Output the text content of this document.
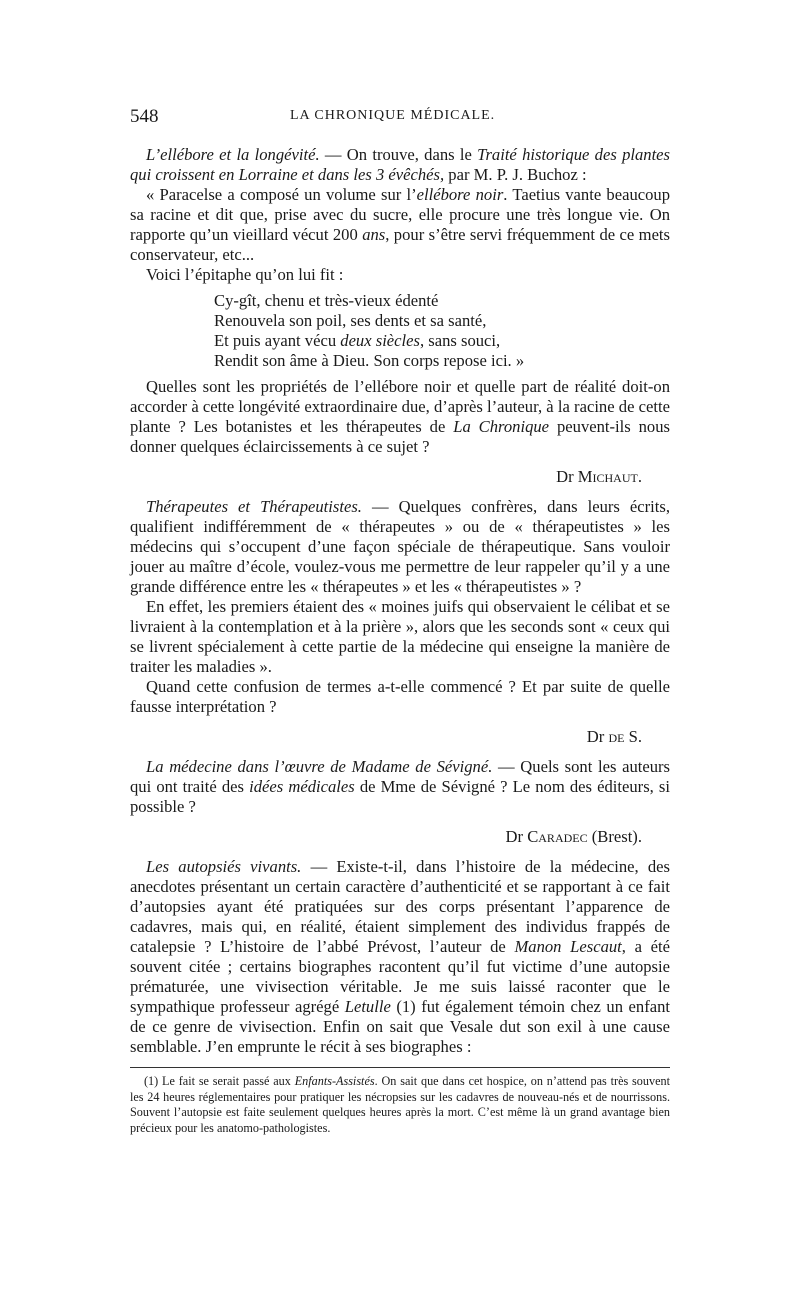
548	LA CHRONIQUE MÉDICALE.

L’ellébore et la longévité. — On trouve, dans le Traité historique des plantes qui croissent en Lorraine et dans les 3 évêchés, par M. P. J. Buchoz :

« Paracelse a composé un volume sur l’ellébore noir. Taetius vante beaucoup sa racine et dit que, prise avec du sucre, elle procure une très longue vie. On rapporte qu’un vieillard vécut 200 ans, pour s’être servi fréquemment de ce mets conservateur, etc...

Voici l’épitaphe qu’on lui fit :

Cy-gît, chenu et très-vieux édenté
Renouvela son poil, ses dents et sa santé,
Et puis ayant vécu deux siècles, sans souci,
Rendit son âme à Dieu. Son corps repose ici. »

Quelles sont les propriétés de l’ellébore noir et quelle part de réalité doit-on accorder à cette longévité extraordinaire due, d’après l’auteur, à la racine de cette plante ? Les botanistes et les thérapeutes de La Chronique peuvent-ils nous donner quelques éclaircissements à ce sujet ?

Dr Michaut.

Thérapeutes et Thérapeutistes. — Quelques confrères, dans leurs écrits, qualifient indifféremment de « thérapeutes » ou de « thérapeutistes » les médecins qui s’occupent d’une façon spéciale de thérapeutique. Sans vouloir jouer au maître d’école, voulez-vous me permettre de leur rappeler qu’il y a une grande différence entre les « thérapeutes » et les « thérapeutistes » ?

En effet, les premiers étaient des « moines juifs qui observaient le célibat et se livraient à la contemplation et à la prière », alors que les seconds sont « ceux qui se livrent spécialement à cette partie de la médecine qui enseigne la manière de traiter les maladies ».

Quand cette confusion de termes a-t-elle commencé ? Et par suite de quelle fausse interprétation ?

Dr de S.

La médecine dans l’œuvre de Madame de Sévigné. — Quels sont les auteurs qui ont traité des idées médicales de Mme de Sévigné ? Le nom des éditeurs, si possible ?

Dr Caradec (Brest).

Les autopsiés vivants. — Existe-t-il, dans l’histoire de la médecine, des anecdotes présentant un certain caractère d’authenticité et se rapportant à ce fait d’autopsies ayant été pratiquées sur des corps présentant l’apparence de cadavres, mais qui, en réalité, étaient simplement des individus frappés de catalepsie ? L’histoire de l’abbé Prévost, l’auteur de Manon Lescaut, a été souvent citée ; certains biographes racontent qu’il fut victime d’une autopsie prématurée, une vivisection véritable. Je me suis laissé raconter que le sympathique professeur agrégé Letulle (1) fut également témoin chez un enfant de ce genre de vivisection. Enfin on sait que Vesale dut son exil à une cause semblable. J’en emprunte le récit à ses biographes :

(1) Le fait se serait passé aux Enfants-Assistés. On sait que dans cet hospice, on n’attend pas très souvent les 24 heures réglementaires pour pratiquer les nécropsies sur les cadavres de nouveau-nés et de nourrissons. Souvent l’autopsie est faite seulement quelques heures après la mort. C’est même là un grand avantage bien précieux pour les anatomo-pathologistes.
